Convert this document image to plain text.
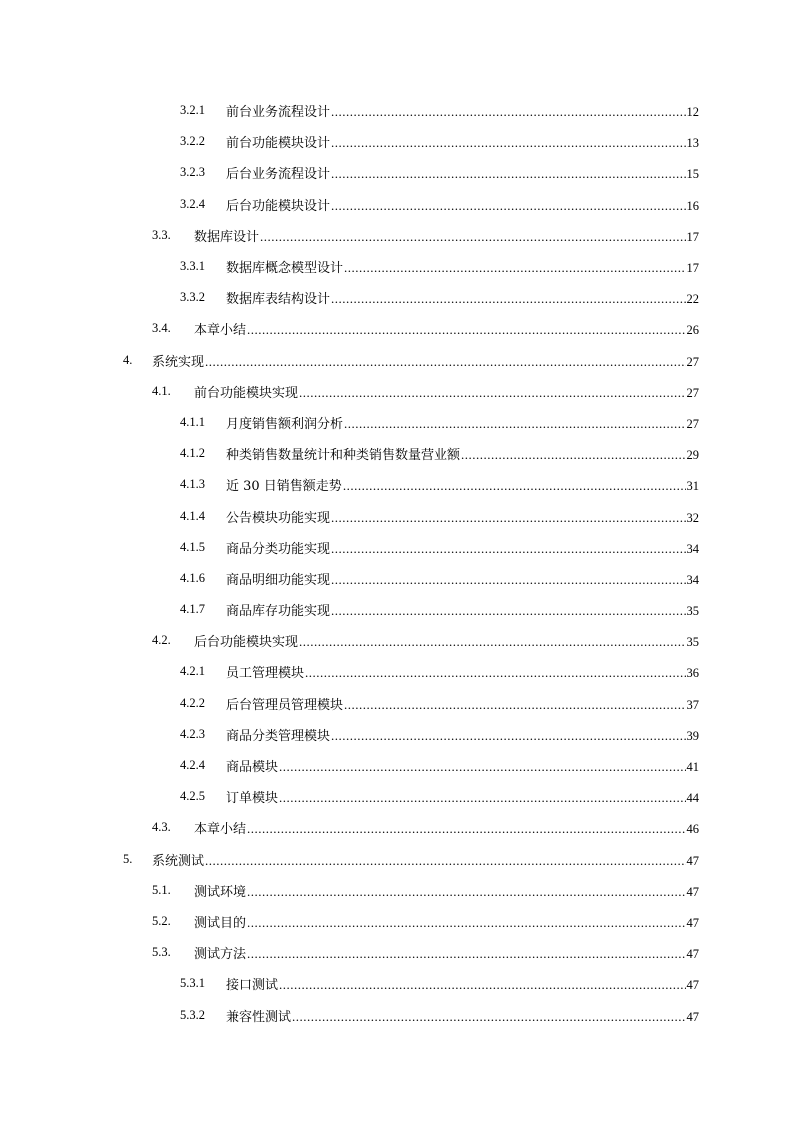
3.2.1 前台业务流程设计 .....	12
3.2.2 前台功能模块设计 .....	13
3.2.3 后台业务流程设计 .....	15
3.2.4 后台功能模块设计 .....	16
3.3. 数据库设计 .....	17
3.3.1 数据库概念模型设计 .....	17
3.3.2 数据库表结构设计 .....	22
3.4. 本章小结 .....	26
4. 系统实现 .....	27
4.1. 前台功能模块实现 .....	27
4.1.1 月度销售额利润分析 .....	27
4.1.2 种类销售数量统计和种类销售数量营业额 .....	29
4.1.3 近 30 日销售额走势 .....	31
4.1.4 公告模块功能实现 .....	32
4.1.5 商品分类功能实现 .....	34
4.1.6 商品明细功能实现 .....	34
4.1.7 商品库存功能实现 .....	35
4.2. 后台功能模块实现 .....	35
4.2.1 员工管理模块 .....	36
4.2.2 后台管理员管理模块 .....	37
4.2.3 商品分类管理模块 .....	39
4.2.4 商品模块 .....	41
4.2.5 订单模块 .....	44
4.3. 本章小结 .....	46
5. 系统测试 .....	47
5.1. 测试环境 .....	47
5.2. 测试目的 .....	47
5.3. 测试方法 .....	47
5.3.1 接口测试 .....	47
5.3.2 兼容性测试 .....	47
